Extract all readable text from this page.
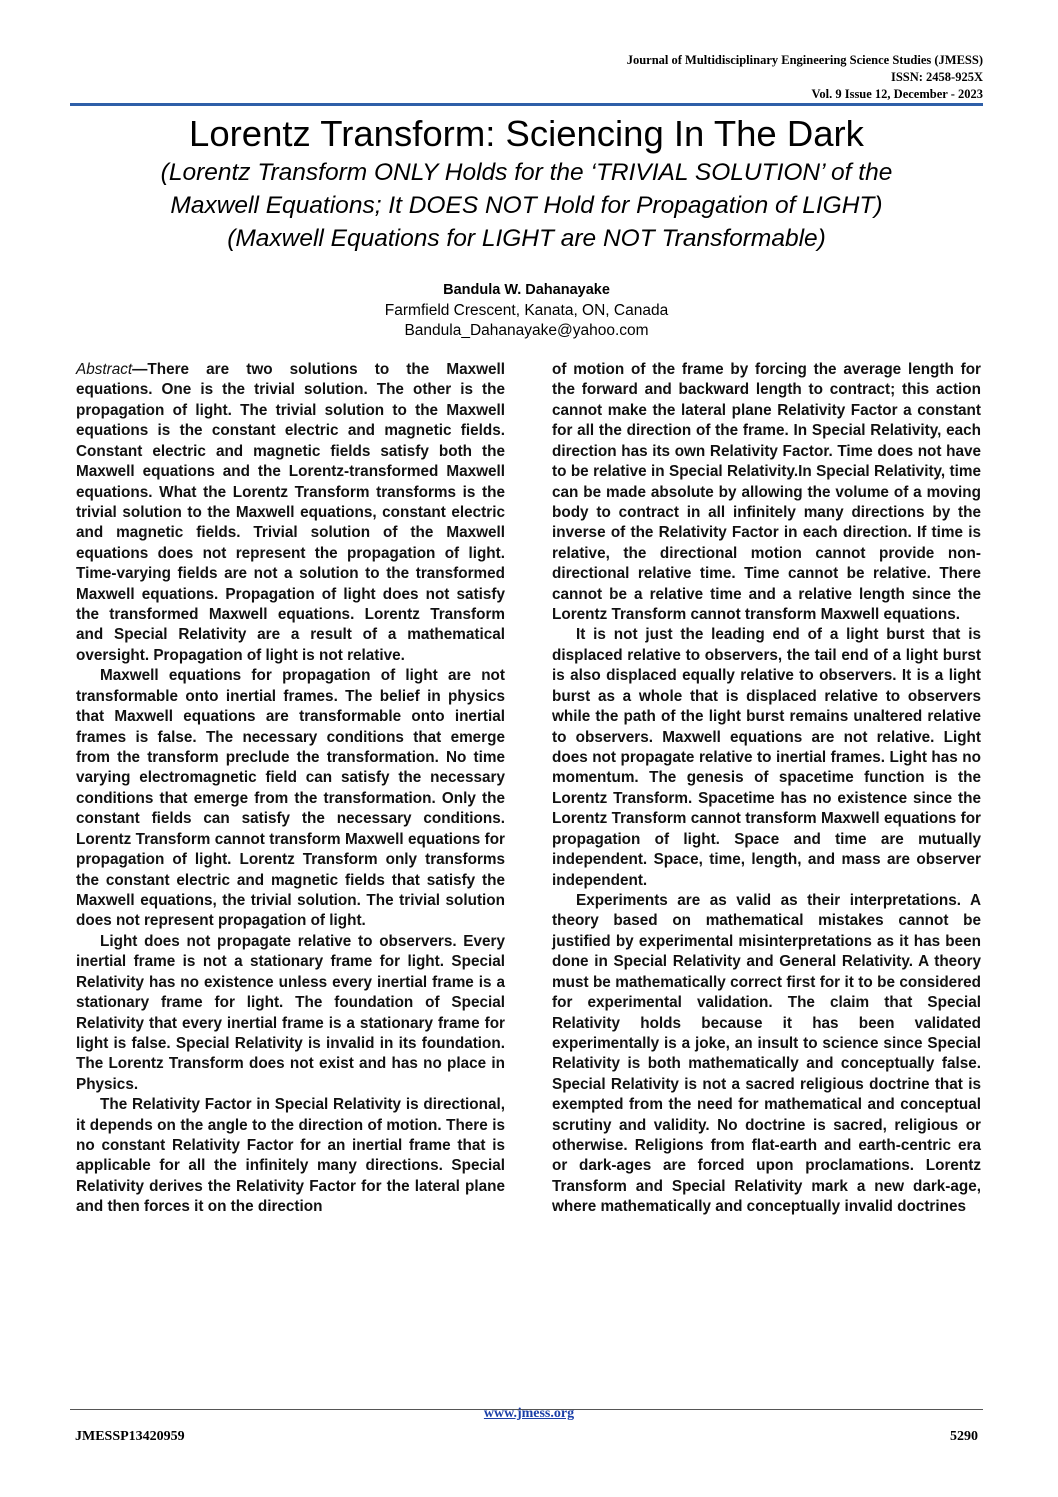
Journal of Multidisciplinary Engineering Science Studies (JMESS)
ISSN: 2458-925X
Vol. 9 Issue 12, December - 2023
Lorentz Transform: Sciencing In The Dark
(Lorentz Transform ONLY Holds for the ‘TRIVIAL SOLUTION’ of the
Maxwell Equations; It DOES NOT Hold for Propagation of LIGHT)
(Maxwell Equations for LIGHT are NOT Transformable)
Bandula W. Dahanayake
Farmfield Crescent, Kanata, ON, Canada
Bandula_Dahanayake@yahoo.com

Abstract—There are two solutions to the Maxwell equations. One is the trivial solution. The other is the propagation of light. The trivial solution to the Maxwell equations is the constant electric and magnetic fields. Constant electric and magnetic fields satisfy both the Maxwell equations and the Lorentz-transformed Maxwell equations. What the Lorentz Transform transforms is the trivial solution to the Maxwell equations, constant electric and magnetic fields. Trivial solution of the Maxwell equations does not represent the propagation of light. Time-varying fields are not a solution to the transformed Maxwell equations. Propagation of light does not satisfy the transformed Maxwell equations. Lorentz Transform and Special Relativity are a result of a mathematical oversight. Propagation of light is not relative.

Maxwell equations for propagation of light are not transformable onto inertial frames. The belief in physics that Maxwell equations are transformable onto inertial frames is false. The necessary conditions that emerge from the transform preclude the transformation. No time varying electromagnetic field can satisfy the necessary conditions that emerge from the transformation. Only the constant fields can satisfy the necessary conditions. Lorentz Transform cannot transform Maxwell equations for propagation of light. Lorentz Transform only transforms the constant electric and magnetic fields that satisfy the Maxwell equations, the trivial solution. The trivial solution does not represent propagation of light.

Light does not propagate relative to observers. Every inertial frame is not a stationary frame for light. Special Relativity has no existence unless every inertial frame is a stationary frame for light. The foundation of Special Relativity that every inertial frame is a stationary frame for light is false. Special Relativity is invalid in its foundation. The Lorentz Transform does not exist and has no place in Physics.

The Relativity Factor in Special Relativity is directional, it depends on the angle to the direction of motion. There is no constant Relativity Factor for an inertial frame that is applicable for all the infinitely many directions. Special Relativity derives the Relativity Factor for the lateral plane and then forces it on the direction

of motion of the frame by forcing the average length for the forward and backward length to contract; this action cannot make the lateral plane Relativity Factor a constant for all the direction of the frame. In Special Relativity, each direction has its own Relativity Factor. Time does not have to be relative in Special Relativity.In Special Relativity, time can be made absolute by allowing the volume of a moving body to contract in all infinitely many directions by the inverse of the Relativity Factor in each direction. If time is relative, the directional motion cannot provide non-directional relative time. Time cannot be relative. There cannot be a relative time and a relative length since the Lorentz Transform cannot transform Maxwell equations.

It is not just the leading end of a light burst that is displaced relative to observers, the tail end of a light burst is also displaced equally relative to observers. It is a light burst as a whole that is displaced relative to observers while the path of the light burst remains unaltered relative to observers. Maxwell equations are not relative. Light does not propagate relative to inertial frames. Light has no momentum. The genesis of spacetime function is the Lorentz Transform. Spacetime has no existence since the Lorentz Transform cannot transform Maxwell equations for propagation of light. Space and time are mutually independent. Space, time, length, and mass are observer independent.

Experiments are as valid as their interpretations. A theory based on mathematical mistakes cannot be justified by experimental misinterpretations as it has been done in Special Relativity and General Relativity. A theory must be mathematically correct first for it to be considered for experimental validation. The claim that Special Relativity holds because it has been validated experimentally is a joke, an insult to science since Special Relativity is both mathematically and conceptually false. Special Relativity is not a sacred religious doctrine that is exempted from the need for mathematical and conceptual scrutiny and validity. No doctrine is sacred, religious or otherwise. Religions from flat-earth and earth-centric era or dark-ages are forced upon proclamations. Lorentz Transform and Special Relativity mark a new dark-age, where mathematically and conceptually invalid doctrines

www.jmess.org
JMESSP13420959	5290
